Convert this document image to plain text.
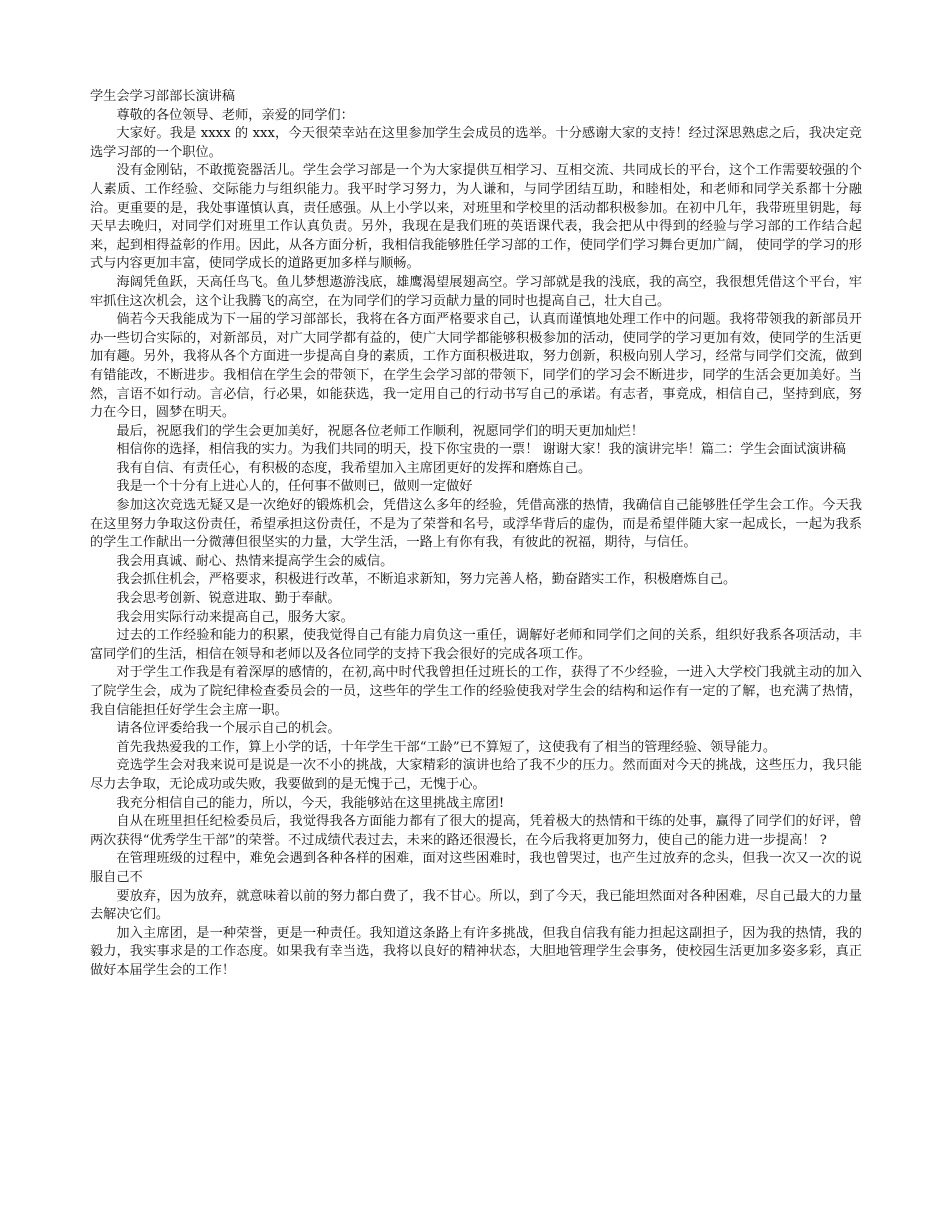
学生会学习部部长演讲稿

尊敬的各位领导、老师，亲爱的同学们：

大家好。我是 xxxx 的 xxx，今天很荣幸站在这里参加学生会成员的选举。十分感谢大家的支持！经过深思熟虑之后，我决定竞选学习部的一个职位。

没有金刚钻，不敢揽瓷器活儿。学生会学习部是一个为大家提供互相学习、互相交流、共同成长的平台，这个工作需要较强的个人素质、工作经验、交际能力与组织能力。我平时学习努力，为人谦和，与同学团结互助，和睦相处，和老师和同学关系都十分融洽。更重要的是，我处事谨慎认真，责任感强。从上小学以来，对班里和学校里的活动都积极参加。在初中几年，我带班里钥匙，每天早去晚归，对同学们对班里工作认真负责。另外，我现在是我们班的英语课代表，我会把从中得到的经验与学习部的工作结合起来，起到相得益彰的作用。因此，从各方面分析，我相信我能够胜任学习部的工作，使同学们学习舞台更加广阔， 使同学的学习的形式与内容更加丰富，使同学成长的道路更加多样与顺畅。

海阔凭鱼跃，天高任鸟飞。鱼儿梦想遨游浅底，雄鹰渴望展翅高空。学习部就是我的浅底，我的高空，我很想凭借这个平台，牢牢抓住这次机会，这个让我腾飞的高空，在为同学们的学习贡献力量的同时也提高自己，壮大自己。

倘若今天我能成为下一届的学习部部长，我将在各方面严格要求自己，认真而谨慎地处理工作中的问题。我将带领我的新部员开办一些切合实际的，对新部员，对广大同学都有益的，使广大同学都能够积极参加的活动，使同学的学习更加有效，使同学的生活更加有趣。另外，我将从各个方面进一步提高自身的素质，工作方面积极进取，努力创新，积极向别人学习，经常与同学们交流，做到有错能改，不断进步。我相信在学生会的带领下，在学生会学习部的带领下，同学们的学习会不断进步，同学的生活会更加美好。当然，言语不如行动。言必信，行必果，如能获选，我一定用自己的行动书写自己的承诺。有志者，事竟成，相信自己，坚持到底，努力在今日，圆梦在明天。

最后，祝愿我们的学生会更加美好，祝愿各位老师工作顺利，祝愿同学们的明天更加灿烂！

相信你的选择，相信我的实力。为我们共同的明天，投下你宝贵的一票！ 谢谢大家！我的演讲完毕！篇二：学生会面试演讲稿

我有自信、有责任心，有积极的态度，我希望加入主席团更好的发挥和磨炼自己。

我是一个十分有上进心人的，任何事不做则已，做则一定做好

参加这次竞选无疑又是一次绝好的锻炼机会，凭借这么多年的经验，凭借高涨的热情，我确信自己能够胜任学生会工作。今天我在这里努力争取这份责任，希望承担这份责任，不是为了荣誉和名号，或浮华背后的虚伪，而是希望伴随大家一起成长，一起为我系的学生工作献出一分微薄但很坚实的力量，大学生活，一路上有你有我，有彼此的祝福，期待，与信任。

我会用真诚、耐心、热情来提高学生会的威信。

我会抓住机会，严格要求，积极进行改革，不断追求新知，努力完善人格，勤奋踏实工作，积极磨炼自己。

我会思考创新、锐意进取、勤于奉献。

我会用实际行动来提高自己，服务大家。

过去的工作经验和能力的积累，使我觉得自己有能力肩负这一重任，调解好老师和同学们之间的关系，组织好我系各项活动，丰富同学们的生活，相信在领导和老师以及各位同学的支持下我会很好的完成各项工作。

对于学生工作我是有着深厚的感情的，在初,高中时代我曾担任过班长的工作，获得了不少经验，一进入大学校门我就主动的加入了院学生会，成为了院纪律检查委员会的一员，这些年的学生工作的经验使我对学生会的结构和运作有一定的了解，也充满了热情，我自信能担任好学生会主席一职。

请各位评委给我一个展示自己的机会。

首先我热爱我的工作，算上小学的话，十年学生干部“工龄”已不算短了，这使我有了相当的管理经验、领导能力。

竞选学生会对我来说可是说是一次不小的挑战，大家精彩的演讲也给了我不少的压力。然而面对今天的挑战，这些压力，我只能尽力去争取，无论成功或失败，我要做到的是无愧于己，无愧于心。

我充分相信自己的能力，所以，今天，我能够站在这里挑战主席团!

自从在班里担任纪检委员后，我觉得我各方面能力都有了很大的提高，凭着极大的热情和干练的处事，赢得了同学们的好评，曾两次获得“优秀学生干部”的荣誉。不过成绩代表过去，未来的路还很漫长，在今后我将更加努力，使自己的能力进一步提高！ ?

在管理班级的过程中，难免会遇到各种各样的困难，面对这些困难时，我也曾哭过，也产生过放弃的念头，但我一次又一次的说服自己不

要放弃，因为放弃，就意味着以前的努力都白费了，我不甘心。所以，到了今天，我已能坦然面对各种困难，尽自己最大的力量去解决它们。

加入主席团，是一种荣誉，更是一种责任。我知道这条路上有许多挑战，但我自信我有能力担起这副担子，因为我的热情，我的毅力，我实事求是的工作态度。如果我有幸当选，我将以良好的精神状态，大胆地管理学生会事务，使校园生活更加多姿多彩，真正做好本届学生会的工作！
